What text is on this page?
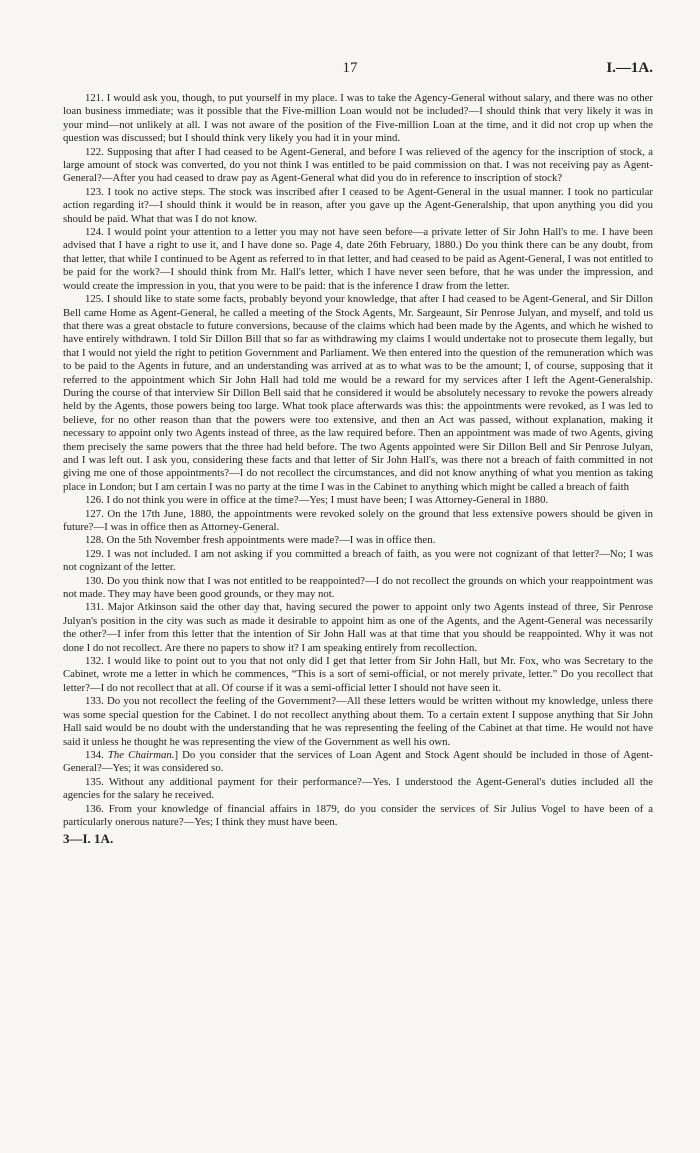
17	I.—1A.

121. I would ask you, though, to put yourself in my place. I was to take the Agency-General without salary, and there was no other loan business immediate; was it possible that the Five-million Loan would not be included?—I should think that very likely it was in your mind—not unlikely at all. I was not aware of the position of the Five-million Loan at the time, and it did not crop up when the question was discussed; but I should think very likely you had it in your mind.

122. Supposing that after I had ceased to be Agent-General, and before I was relieved of the agency for the inscription of stock, a large amount of stock was converted, do you not think I was entitled to be paid commission on that. I was not receiving pay as Agent-General?—After you had ceased to draw pay as Agent-General what did you do in reference to inscription of stock?

123. I took no active steps. The stock was inscribed after I ceased to be Agent-General in the usual manner. I took no particular action regarding it?—I should think it would be in reason, after you gave up the Agent-Generalship, that upon anything you did you should be paid. What that was I do not know.

124. I would point your attention to a letter you may not have seen before—a private letter of Sir John Hall's to me. I have been advised that I have a right to use it, and I have done so. Page 4, date 26th February, 1880.) Do you think there can be any doubt, from that letter, that while I continued to be Agent as referred to in that letter, and had ceased to be paid as Agent-General, I was not entitled to be paid for the work?—I should think from Mr. Hall's letter, which I have never seen before, that he was under the impression, and would create the impression in you, that you were to be paid: that is the inference I draw from the letter.

125. I should like to state some facts, probably beyond your knowledge, that after I had ceased to be Agent-General, and Sir Dillon Bell came Home as Agent-General, he called a meeting of the Stock Agents, Mr. Sargeaunt, Sir Penrose Julyan, and myself, and told us that there was a great obstacle to future conversions, because of the claims which had been made by the Agents, and which he wished to have entirely withdrawn. I told Sir Dillon Bill that so far as withdrawing my claims I would undertake not to prosecute them legally, but that I would not yield the right to petition Government and Parliament. We then entered into the question of the remuneration which was to be paid to the Agents in future, and an understanding was arrived at as to what was to be the amount; I, of course, supposing that it referred to the appointment which Sir John Hall had told me would be a reward for my services after I left the Agent-Generalship. During the course of that interview Sir Dillon Bell said that he considered it would be absolutely necessary to revoke the powers already held by the Agents, those powers being too large. What took place afterwards was this: the appointments were revoked, as I was led to believe, for no other reason than that the powers were too extensive, and then an Act was passed, without explanation, making it necessary to appoint only two Agents instead of three, as the law required before. Then an appointment was made of two Agents, giving them precisely the same powers that the three had held before. The two Agents appointed were Sir Dillon Bell and Sir Penrose Julyan, and I was left out. I ask you, considering these facts and that letter of Sir John Hall's, was there not a breach of faith committed in not giving me one of those appointments?—I do not recollect the circumstances, and did not know anything of what you mention as taking place in London; but I am certain I was no party at the time I was in the Cabinet to anything which might be called a breach of faith

126. I do not think you were in office at the time?—Yes; I must have been; I was Attorney-General in 1880.

127. On the 17th June, 1880, the appointments were revoked solely on the ground that less extensive powers should be given in future?—I was in office then as Attorney-General.

128. On the 5th November fresh appointments were made?—I was in office then.

129. I was not included. I am not asking if you committed a breach of faith, as you were not cognizant of that letter?—No; I was not cognizant of the letter.

130. Do you think now that I was not entitled to be reappointed?—I do not recollect the grounds on which your reappointment was not made. They may have been good grounds, or they may not.

131. Major Atkinson said the other day that, having secured the power to appoint only two Agents instead of three, Sir Penrose Julyan's position in the city was such as made it desirable to appoint him as one of the Agents, and the Agent-General was necessarily the other?—I infer from this letter that the intention of Sir John Hall was at that time that you should be reappointed. Why it was not done I do not recollect. Are there no papers to show it? I am speaking entirely from recollection.

132. I would like to point out to you that not only did I get that letter from Sir John Hall, but Mr. Fox, who was Secretary to the Cabinet, wrote me a letter in which he commences, “This is a sort of semi-official, or not merely private, letter.” Do you recollect that letter?—I do not recollect that at all. Of course if it was a semi-official letter I should not have seen it.

133. Do you not recollect the feeling of the Government?—All these letters would be written without my knowledge, unless there was some special question for the Cabinet. I do not recollect anything about them. To a certain extent I suppose anything that Sir John Hall said would be no doubt with the understanding that he was representing the feeling of the Cabinet at that time. He would not have said it unless he thought he was representing the view of the Government as well his own.

134. The Chairman.] Do you consider that the services of Loan Agent and Stock Agent should be included in those of Agent-General?—Yes; it was considered so.

135. Without any additional payment for their performance?—Yes. I understood the Agent-General's duties included all the agencies for the salary he received.

136. From your knowledge of financial affairs in 1879, do you consider the services of Sir Julius Vogel to have been of a particularly onerous nature?—Yes; I think they must have been.

3—I. 1A.
